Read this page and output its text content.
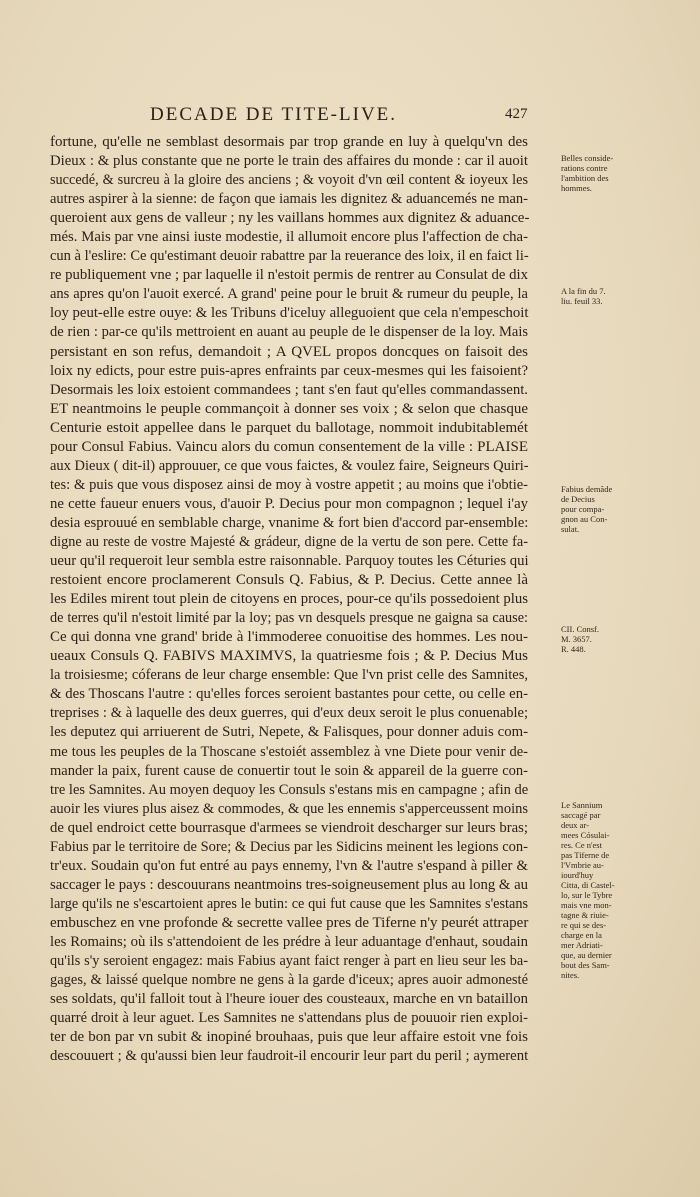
DECADE DE TITE-LIVE.	427

fortune, qu'elle ne semblast desormais par trop grande en luy à quelqu'vn des

Dieux : & plus constante que ne porte le train des affaires du monde : car il auoit

succedé, & surcreu à la gloire des anciens ; & voyoit d'vn œil content & ioyeux les

autres aspirer à la sienne: de façon que iamais les dignitez & aduancemés ne man-

queroient aux gens de valleur ; ny les vaillans hommes aux dignitez & aduance-

més. Mais par vne ainsi iuste modestie, il allumoit encore plus l'affection de cha-

cun à l'eslire: Ce qu'estimant deuoir rabattre par la reuerance des loix, il en faict li-

re publiquement vne ; par laquelle il n'estoit permis de rentrer au Consulat de dix

ans apres qu'on l'auoit exercé. A grand' peine pour le bruit & rumeur du peuple, la

loy peut-elle estre ouye: & les Tribuns d'iceluy alleguoient que cela n'empeschoit

de rien : par-ce qu'ils mettroient en auant au peuple de le dispenser de la loy. Mais

persistant en son refus, demandoit ; A QVEL propos doncques on faisoit des

loix ny edicts, pour estre puis-apres enfraints par ceux-mesmes qui les faisoient?

Desormais les loix estoient commandees ; tant s'en faut qu'elles commandassent.

ET neantmoins le peuple commançoit à donner ses voix ; & selon que chasque

Centurie estoit appellee dans le parquet du ballotage, nommoit indubitablemét

pour Consul Fabius. Vaincu alors du comun consentement de la ville : PLAISE

aux Dieux ( dit-il) approuuer, ce que vous faictes, & voulez faire, Seigneurs Quiri-

tes: & puis que vous disposez ainsi de moy à vostre appetit ; au moins que i'obtie-

ne cette faueur enuers vous, d'auoir P. Decius pour mon compagnon ; lequel i'ay

desia esprouué en semblable charge, vnanime & fort bien d'accord par-ensemble:

digne au reste de vostre Majesté & grádeur, digne de la vertu de son pere. Cette fa-

ueur qu'il requeroit leur sembla estre raisonnable. Parquoy toutes les Céturies qui

restoient encore proclamerent Consuls Q. Fabius, & P. Decius. Cette annee là

les Ediles mirent tout plein de citoyens en proces, pour-ce qu'ils possedoient plus

de terres qu'il n'estoit limité par la loy; pas vn desquels presque ne gaigna sa cause:

Ce qui donna vne grand' bride à l'immoderee conuoitise des hommes. Les nou-

ueaux Consuls Q. FABIVS MAXIMVS, la quatriesme fois ; & P. Decius Mus

la troisiesme; cóferans de leur charge ensemble: Que l'vn prist celle des Samnites,

& des Thoscans l'autre : qu'elles forces seroient bastantes pour cette, ou celle en-

treprises : & à laquelle des deux guerres, qui d'eux deux seroit le plus conuenable;

les deputez qui arriuerent de Sutri, Nepete, & Falisques, pour donner aduis com-

me tous les peuples de la Thoscane s'estoiét assemblez à vne Diete pour venir de-

mander la paix, furent cause de conuertir tout le soin & appareil de la guerre con-

tre les Samnites. Au moyen dequoy les Consuls s'estans mis en campagne ; afin de

auoir les viures plus aisez & commodes, & que les ennemis s'apperceussent moins

de quel endroict cette bourrasque d'armees se viendroit descharger sur leurs bras;

Fabius par le territoire de Sore; & Decius par les Sidicins meinent les legions con-

tr'eux. Soudain qu'on fut entré au pays ennemy, l'vn & l'autre s'espand à piller &

saccager le pays : descouurans neantmoins tres-soigneusement plus au long & au

large qu'ils ne s'escartoient apres le butin: ce qui fut cause que les Samnites s'estans

embuschez en vne profonde & secrette vallee pres de Tiferne n'y peurét attraper

les Romains; où ils s'attendoient de les prédre à leur aduantage d'enhaut, soudain

qu'ils s'y seroient engagez: mais Fabius ayant faict renger à part en lieu seur les ba-

gages, & laissé quelque nombre ne gens à la garde d'iceux; apres auoir admonesté

ses soldats, qu'il falloit tout à l'heure iouer des cousteaux, marche en vn bataillon

quarré droit à leur aguet. Les Samnites ne s'attendans plus de pouuoir rien exploi-

ter de bon par vn subit & inopiné brouhaas, puis que leur affaire estoit vne fois

descouuert ; & qu'aussi bien leur faudroit-il encourir leur part du peril ; aymerent

Belles conside-
rations contre
l'ambition des
hommes.
A la fin du 7.
liu. feuil 33.
Fabius demãde
de Decius
pour compa-
gnon au Con-
sulat.
CII. Consf.
M. 3657.
R. 448.
Le Sannium
saccagé par
deux ar-
mees Cósulai-
res. Ce n'est
pas Tiferne de
l'Vmbrie au-
iourd'huy
Citta, di Castel-
lo, sur le Tybre
mais vne mon-
tagne & riuie-
re qui se des-
charge en la
mer Adriati-
que, au dernier
bout des Sam-
nites.
